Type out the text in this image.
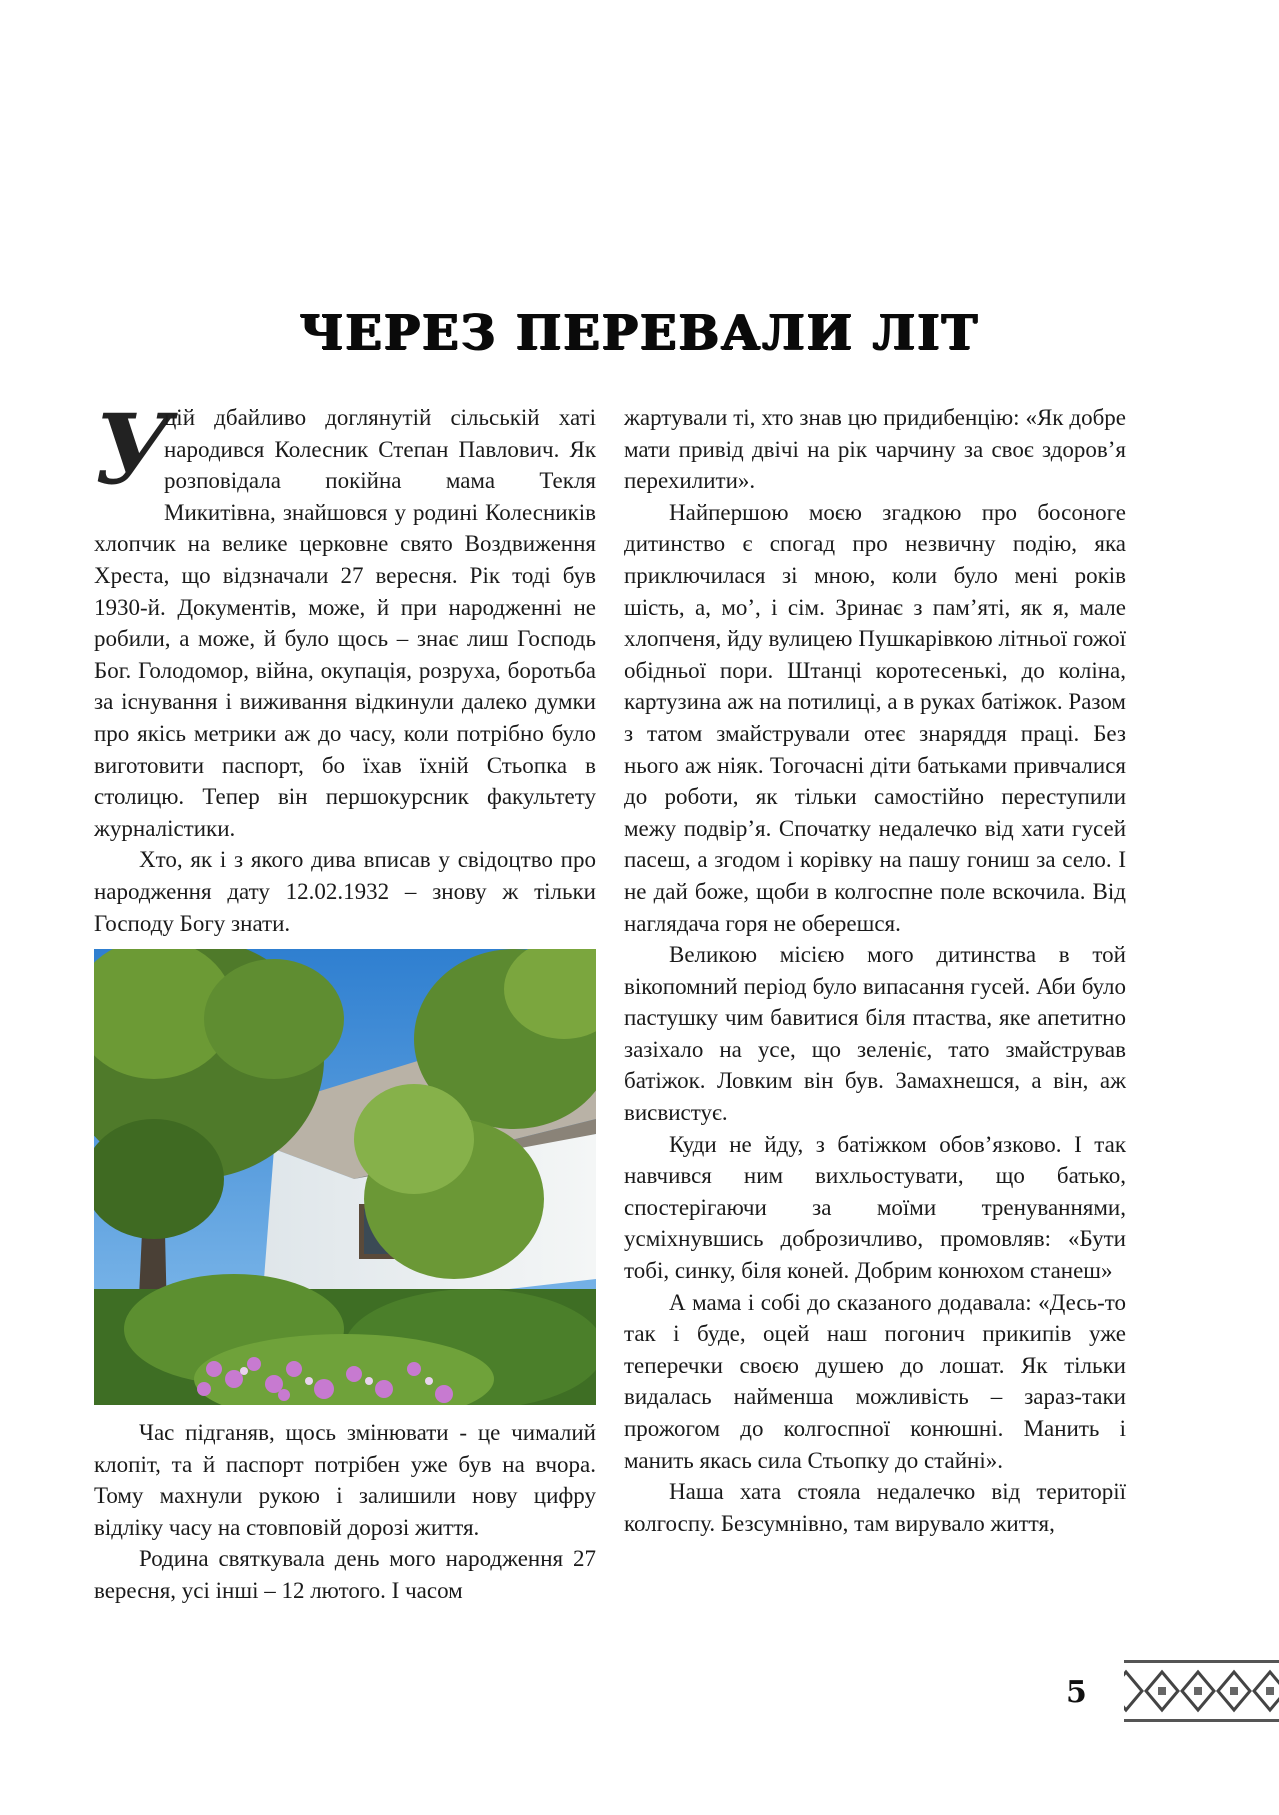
ЧЕРЕЗ ПЕРЕВАЛИ ЛІТ

У
цій дбайливо доглянутій сільській хаті народився Колесник Степан Павлович. Як розповідала покійна мама Текля Микитівна, знайшовся у родині Колесників хлопчик на велике церковне свято Воздвиження Хреста, що відзначали 27 вересня. Рік тоді був 1930-й. Документів, може, й при народженні не робили, а може, й було щось – знає лиш Господь Бог. Голодомор, війна, окупація, розруха, боротьба за існування і виживання відкинули далеко думки про якісь метрики аж до часу, коли потрібно було виготовити паспорт, бо їхав їхній Стьопка в столицю. Тепер він першокурсник факультету журналістики.

Хто, як і з якого дива вписав у свідоцтво про народження дату 12.02.1932 – знову ж тільки Господу Богу знати.

Час підганяв, щось змінювати - це чималий клопіт, та й паспорт потрібен уже був на вчора. Тому махнули рукою і залишили нову цифру відліку часу на стовповій дорозі життя.

Родина святкувала день мого народження 27 вересня, усі інші – 12 лютого. І часом

жартували ті, хто знав цю придибенцію: «Як добре мати привід двічі на рік чарчину за своє здоров’я перехилити».

Найпершою моєю згадкою про босоноге дитинство є спогад про незвичну подію, яка приключилася зі мною, коли було мені років шість, а, мо’, і сім. Зринає з пам’яті, як я, мале хлопченя, йду вулицею Пушкарівкою літньої гожої обідньої пори. Штанці коротесенькі, до коліна, картузина аж на потилиці, а в руках батіжок. Разом з татом змайстрували отеє знаряддя праці. Без нього аж ніяк. Тогочасні діти батьками привчалися до роботи, як тільки самостійно переступили межу подвір’я. Спочатку недалечко від хати гусей пасеш, а згодом і корівку на пашу гониш за село. І не дай боже, щоби в колгоспне поле вскочила. Від наглядача горя не оберешся.

Великою місією мого дитинства в той вікопомний період було випасання гусей. Аби було пастушку чим бавитися біля птаства, яке апетитно зазіхало на усе, що зеленіє, тато змайстрував батіжок. Ловким він був. Замахнешся, а він, аж висвистує.

Куди не йду, з батіжком обов’язково. І так навчився ним вихльостувати, що батько, спостерігаючи за моїми тренуваннями, усміхнувшись доброзичливо, промовляв: «Бути тобі, синку, біля коней. Добрим конюхом станеш»

А мама і собі до сказаного додавала: «Десь-то так і буде, оцей наш погонич прикипів уже теперечки своєю душею до лошат. Як тільки видалась найменша можливість – зараз-таки прожогом до колгоспної конюшні. Манить і манить якась сила Стьопку до стайні».

Наша хата стояла недалечко від території колгоспу. Безсумнівно, там вирувало життя,

5
